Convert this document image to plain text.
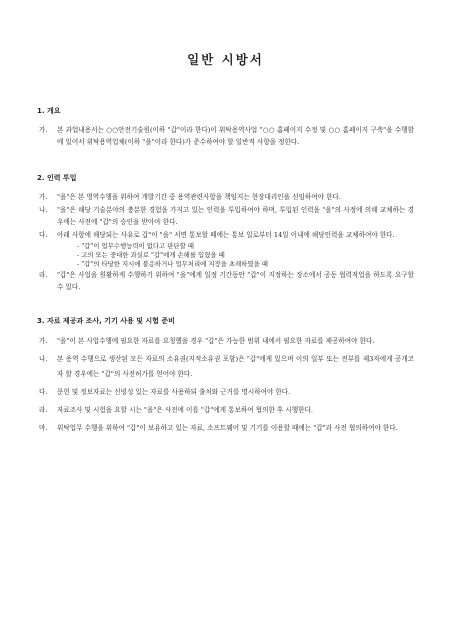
일반 시방서

1. 개요

가.	본 과업내용서는 ○○안전기술원(이하 "갑"이라 한다)이 위탁용역사업 "○○ 홈페이지 수정 및 ○○ 홈페이지 구축"을 수행함에 있어서 위탁용역업체(이하 "을"이라 한다)가 준수하여야 할 일반적 사항을 정한다.

2. 인력 투입

가.	"을"은 본 영역수행을 위하여 개발기간 중 용역관련사항을 책임지는 현장대리인을 선임하여야 한다.
나.	"을"은 해당 기술분야의 충분한 경험을 가지고 있는 인력을 투입하여야 하며, 투입된 인력을 "을"의 사정에 의해 교체하는 경우에는 사전에 "갑"의 승인을 받아야 한다.
다.	아래 사항에 해당되는 사유로 갑"이 "을" 서면 통보할 때에는 통보 일로부터 14일 이내에 해당인력을 교체하여야 한다.
- "갑"이 업무수행능력이 없다고 판단할 때
- 고의 또는 중대한 과실로 "갑"에게 손해를 입혔을 때
- "갑"의 타당한 지시에 불응하거나 업무처리에 지장을 초래하였을 때
라.	"갑"은 사업을 원활하게 수행하기 위하여 "을"에게 일정 기간동안 "갑"이 지정하는 장소에서 공동 협력작업을 하도록 요구할 수 있다.

3. 자료 제공과 조사, 기기 사용 및 시험 준비

가.	"을"이 본 사업수행에 필요한 자료를 요청했을 경우 "갑"은 가능한 범위 내에서 필요한 자료를 제공하여야 한다.
나.	본 용역 수행으로 생산된 모든 자료의 소유권(지적소유권 포함)은 "갑"에게 있으며 이의 일부 또는 전부를 제3자에게 공개코자 할 경우에는 "갑"의 사전허가를 얻어야 한다.
다.	문헌 및 정보자료는 신빙성 있는 자료를 사용하되 출처와 근거를 명시하여야 한다.
라.	자료조사 및 시험을 요할 시는 "을"은 사전에 이를 "갑"에게 통보하여 협의한 후 시행한다.
마.	위탁업무 수행을 위하여 "갑"이 보유하고 있는 자료, 소프트웨어 및 기기를 이용할 때에는 "갑"과 사전 협의하여야 한다.
